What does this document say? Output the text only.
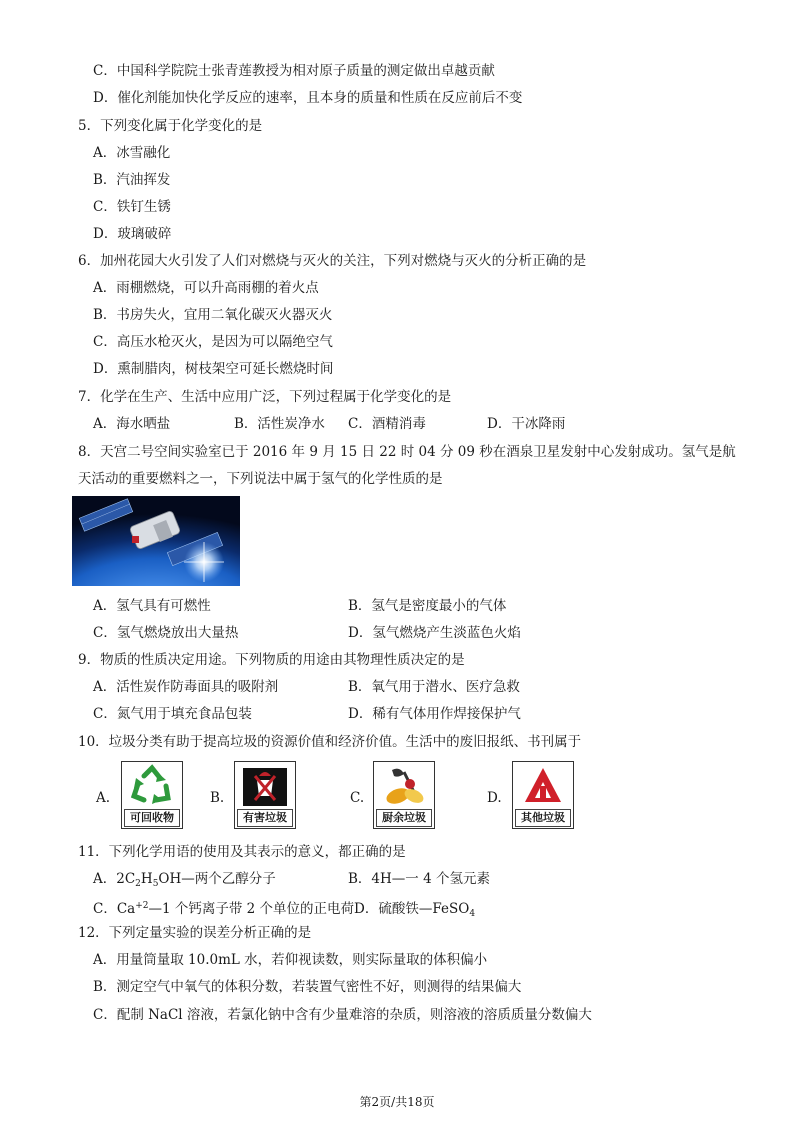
C．中国科学院院士张青莲教授为相对原子质量的测定做出卓越贡献
D．催化剂能加快化学反应的速率，且本身的质量和性质在反应前后不变
5．下列变化属于化学变化的是
A．冰雪融化
B．汽油挥发
C．铁钉生锈
D．玻璃破碎
6．加州花园大火引发了人们对燃烧与灭火的关注，下列对燃烧与灭火的分析正确的是
A．雨棚燃烧，可以升高雨棚的着火点
B．书房失火，宜用二氧化碳灭火器灭火
C．高压水枪灭火，是因为可以隔绝空气
D．熏制腊肉，树枝架空可延长燃烧时间
7．化学在生产、生活中应用广泛，下列过程属于化学变化的是
A．海水晒盐	B．活性炭净水 C．酒精消毒	D．干冰降雨
8．天宫二号空间实验室已于 2016 年 9 月 15 日 22 时 04 分 09 秒在酒泉卫星发射中心发射成功。氢气是航
天活动的重要燃料之一，下列说法中属于氢气的化学性质的是
A．氢气具有可燃性	B．氢气是密度最小的气体
C．氢气燃烧放出大量热	D．氢气燃烧产生淡蓝色火焰
9．物质的性质决定用途。下列物质的用途由其物理性质决定的是
A．活性炭作防毒面具的吸附剂	B．氧气用于潜水、医疗急救
C．氮气用于填充食品包装	D．稀有气体用作焊接保护气
10．垃圾分类有助于提高垃圾的资源价值和经济价值。生活中的废旧报纸、书刊属于
A.
可回收物
B.
有害垃圾
C.
厨余垃圾
D.
其他垃圾
11．下列化学用语的使用及其表示的意义，都正确的是
A．$2C_2H_5OH—$两个乙醇分子	B．4H—一 4 个氢元素
C．$Ca^{+2}—1$ 个钙离子带 2 个单位的正电荷D．硫酸铁—FeSO$_4$
12．下列定量实验的误差分析正确的是
A．用量筒量取 10.0mL 水，若仰视读数，则实际量取的体积偏小
B．测定空气中氧气的体积分数，若装置气密性不好，则测得的结果偏大
C．配制 NaCl 溶液，若氯化钠中含有少量难溶的杂质，则溶液的溶质质量分数偏大
第2页/共18页
